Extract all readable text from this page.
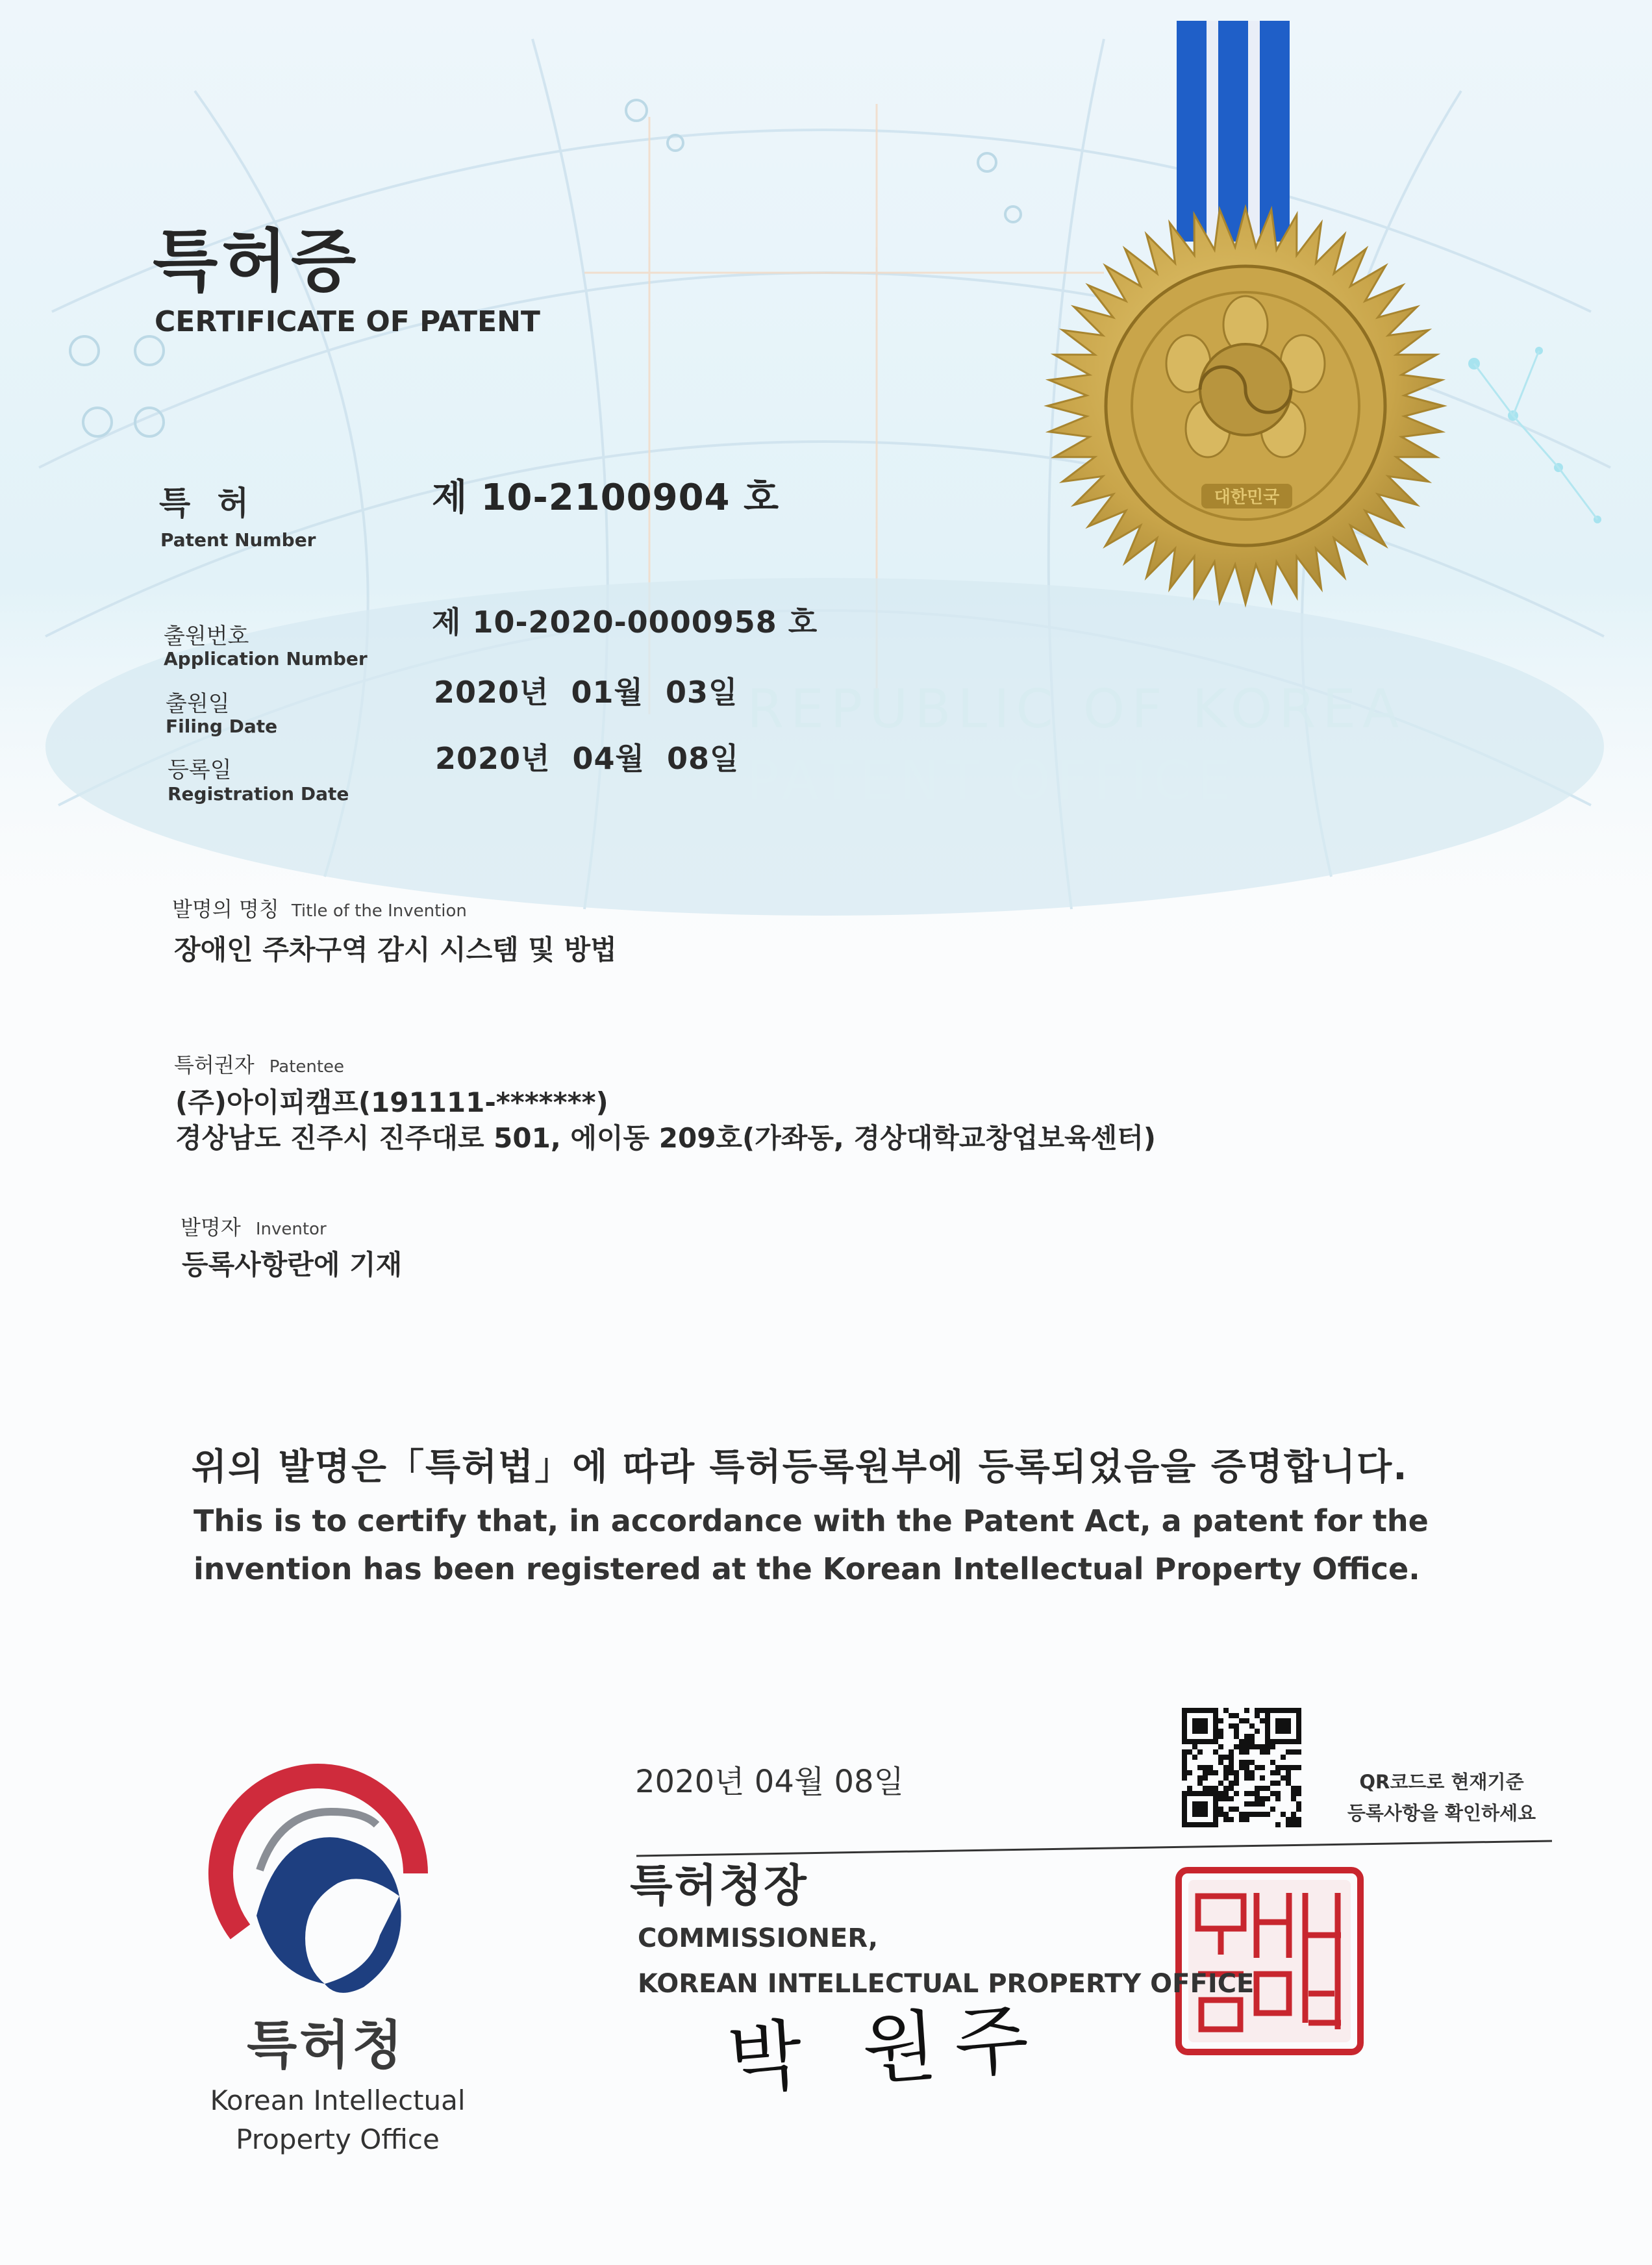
REPUBLIC OF KOREA
PATENT OFFICE
대한민국
특허증
CERTIFICATE OF PATENT
특 허
Patent Number
제 10-2100904 호
출원번호
Application Number
제 10-2020-0000958 호
출원일
Filing Date
2020년  01월  03일
등록일
Registration Date
2020년  04월  08일
발명의 명칭 Title of the Invention
장애인 주차구역 감시 시스템 및 방법
특허권자 Patentee
(주)아이피캠프(191111-*******)
경상남도 진주시 진주대로 501, 에이동 209호(가좌동, 경상대학교창업보육센터)
발명자 Inventor
등록사항란에 기재
위의 발명은「특허법」에 따라 특허등록원부에 등록되었음을 증명합니다.
This is to certify that, in accordance with the Patent Act, a patent for the invention has been registered at the Korean Intellectual Property Office.
2020년 04월 08일	QR코드로 현재기준
등록사항을 확인하세요
특허청장
COMMISSIONER,
KOREAN INTELLECTUAL PROPERTY OFFICE
박 원주
특허청
Korean Intellectual
Property Office
